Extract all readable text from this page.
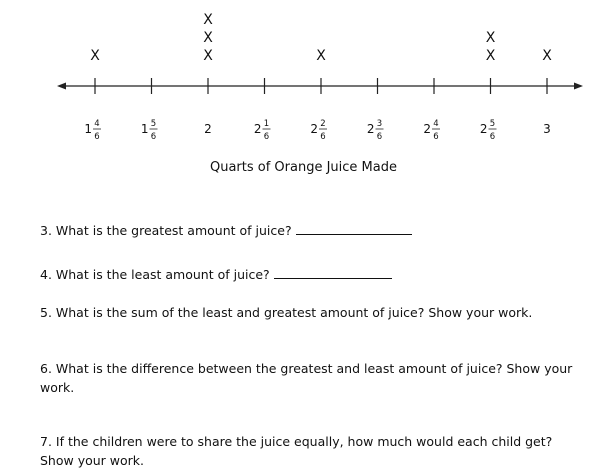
1 4
6
1 5
6
2	2 1
6
2 2
6
2 3
6
2 4
6
2 5
6
3
X	X
X
X
X	X
X
X
Quarts of Orange Juice Made
3. What is the greatest amount of juice?
4. What is the least amount of juice?
5. What is the sum of the least and greatest amount of juice? Show your work.
6. What is the difference between the greatest and least amount of juice? Show your work.
7. If the children were to share the juice equally, how much would each child get? Show your work.
